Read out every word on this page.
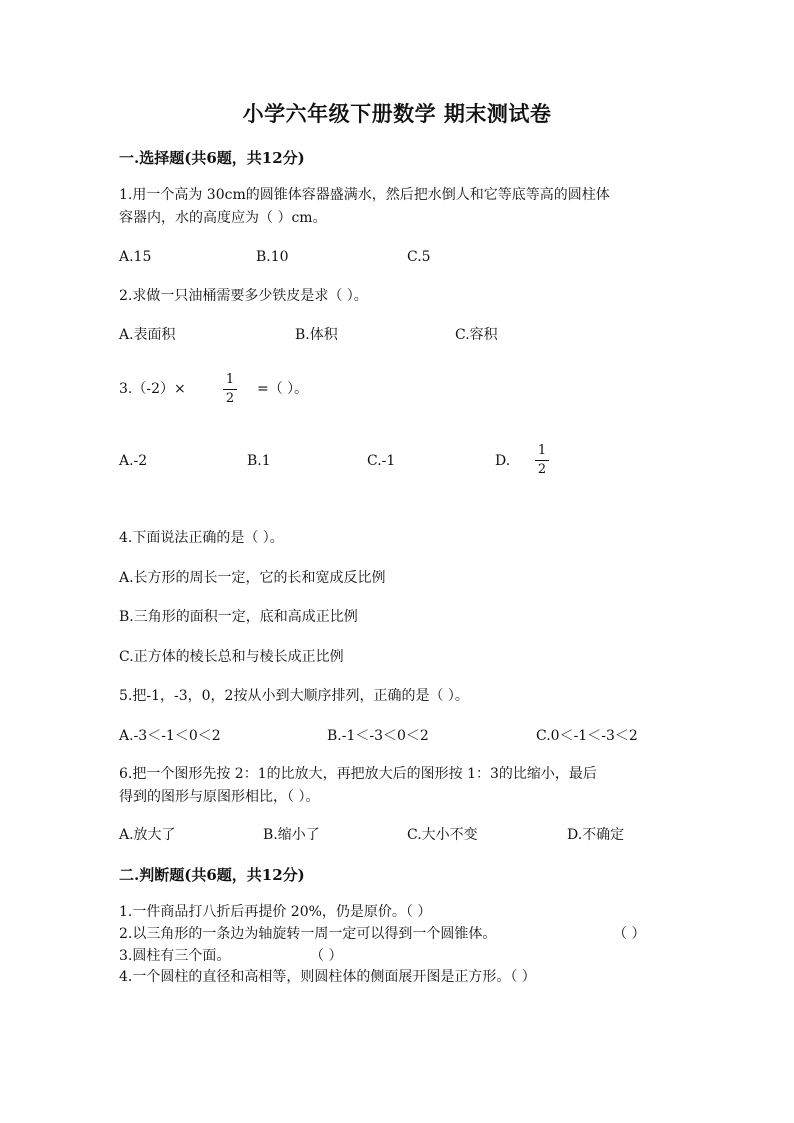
小学六年级下册数学 期末测试卷
一.选择题(共6题，共12分)
1.用一个高为 30cm的圆锥体容器盛满水，然后把水倒人和它等底等高的圆柱体
容器内，水的高度应为（ ）cm。
A.15	B.10	C.5
2.求做一只油桶需要多少铁皮是求（ ）。
A.表面积	B.体积	C.容积
3.（-2）×
1
2
=（ ）。
A.-2	B.1	C.-1	D.
1
2
4.下面说法正确的是（ ）。
A.长方形的周长一定，它的长和宽成反比例
B.三角形的面积一定，底和高成正比例
C.正方体的棱长总和与棱长成正比例
5.把-1，-3，0，2按从小到大顺序排列，正确的是（ ）。
A.-3＜-1＜0＜2	B.-1＜-3＜0＜2	C.0＜-1＜-3＜2
6.把一个图形先按 2：1的比放大，再把放大后的图形按 1：3的比缩小，最后
得到的图形与原图形相比，（ ）。
A.放大了	B.缩小了	C.大小不变	D.不确定
二.判断题(共6题，共12分)
1.一件商品打八折后再提价 20%，仍是原价。（ ）
2.以三角形的一条边为轴旋转一周一定可以得到一个圆锥体。	（ ）
3.圆柱有三个面。	（ ）
4.一个圆柱的直径和高相等，则圆柱体的侧面展开图是正方形。（ ）
